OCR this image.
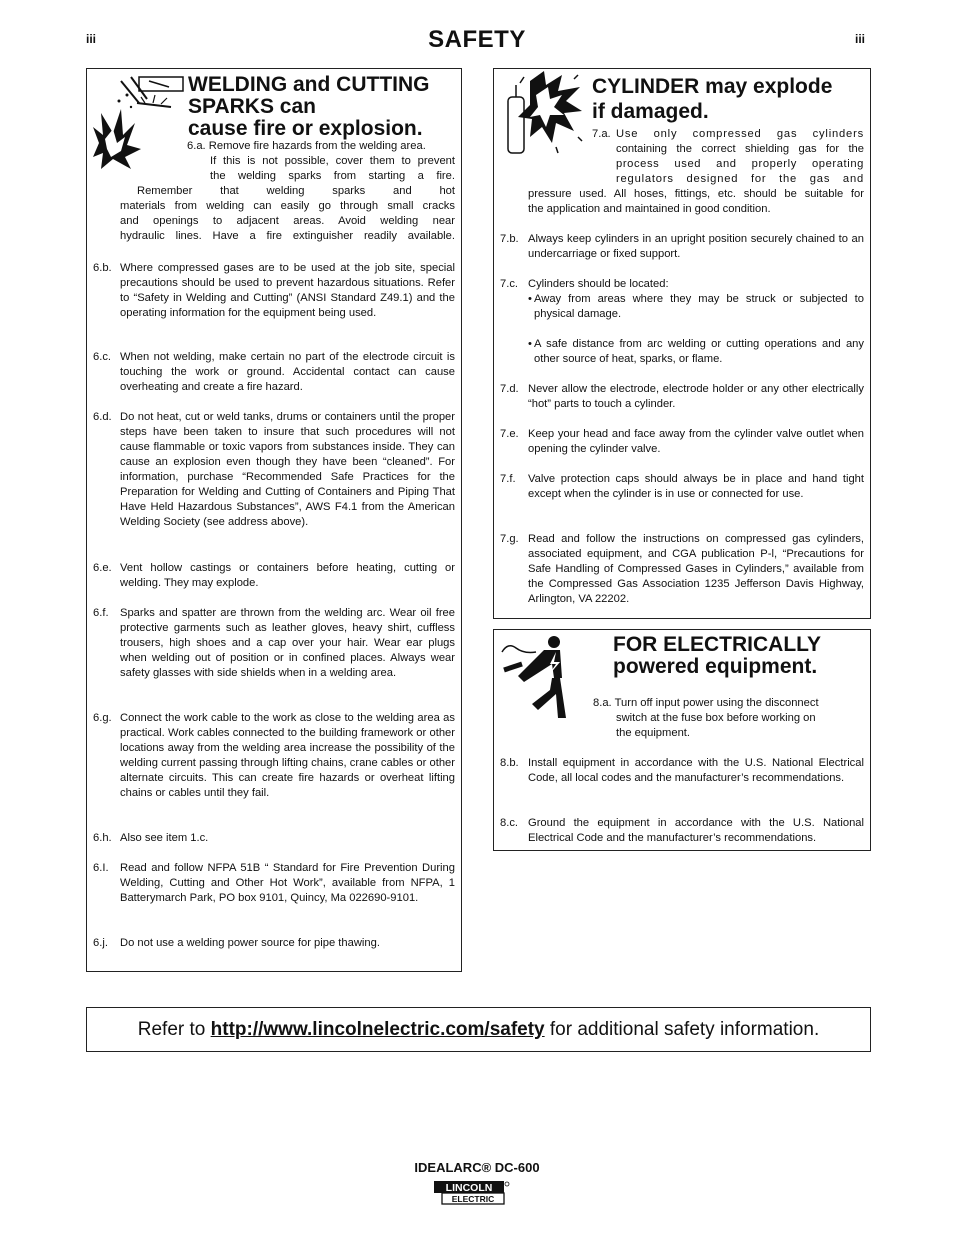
iii	iii
SAFETY
WELDING and CUTTING
SPARKS can
cause fire or explosion.
6.a. Remove fire hazards from the welding area.
If this is not possible, cover them to prevent
the welding sparks from starting a fire.
Remember that welding sparks and hot
materials from welding can easily go through small cracks
and openings to adjacent areas. Avoid welding near
hydraulic lines. Have a fire extinguisher readily available.
6.b. Where compressed gases are to be used at the job site, special precautions should be used to prevent hazardous situations. Refer to “Safety in Welding and Cutting” (ANSI Standard Z49.1) and the operating information for the equipment being used.
6.c. When not welding, make certain no part of the electrode circuit is touching the work or ground. Accidental contact can cause overheating and create a fire hazard.
6.d. Do not heat, cut or weld tanks, drums or containers until the proper steps have been taken to insure that such procedures will not cause flammable or toxic vapors from substances inside. They can cause an explosion even though they have been “cleaned”. For information, purchase “Recommended Safe Practices for the Preparation for Welding and Cutting of Containers and Piping That Have Held Hazardous Substances”, AWS F4.1 from the American Welding Society (see address above).
6.e. Vent hollow castings or containers before heating, cutting or welding. They may explode.
6.f. Sparks and spatter are thrown from the welding arc. Wear oil free protective garments such as leather gloves, heavy shirt, cuffless trousers, high shoes and a cap over your hair. Wear ear plugs when welding out of position or in confined places. Always wear safety glasses with side shields when in a welding area.
6.g. Connect the work cable to the work as close to the welding area as practical. Work cables connected to the building framework or other locations away from the welding area increase the possibility of the welding current passing through lifting chains, crane cables or other alternate circuits. This can create fire hazards or overheat lifting chains or cables until they fail.
6.h. Also see item 1.c.
6.I. Read and follow NFPA 51B “ Standard for Fire Prevention During Welding, Cutting and Other Hot Work”, available from NFPA, 1 Batterymarch Park, PO box 9101, Quincy, Ma 022690-9101.
6.j. Do not use a welding power source for pipe thawing.
CYLINDER may explode
if damaged.
7.a. Use only compressed gas cylinders
containing the correct shielding gas for the
process used and properly operating
regulators designed for the gas and
pressure used. All hoses, fittings, etc. should be suitable for
the application and maintained in good condition.
7.b. Always keep cylinders in an upright position securely chained to an undercarriage or fixed support.
7.c. Cylinders should be located:
• Away from areas where they may be struck or subjected to physical damage.
• A safe distance from arc welding or cutting operations and any other source of heat, sparks, or flame.
7.d. Never allow the electrode, electrode holder or any other electrically “hot” parts to touch a cylinder.
7.e. Keep your head and face away from the cylinder valve outlet when opening the cylinder valve.
7.f. Valve protection caps should always be in place and hand tight except when the cylinder is in use or connected for use.
7.g. Read and follow the instructions on compressed gas cylinders, associated equipment, and CGA publication P-l, “Precautions for Safe Handling of Compressed Gases in Cylinders,” available from the Compressed Gas Association 1235 Jefferson Davis Highway, Arlington, VA 22202.
FOR ELECTRICALLY
powered equipment.
8.a. Turn off input power using the disconnect
switch at the fuse box before working on
the equipment.
8.b. Install equipment in accordance with the U.S. National Electrical Code, all local codes and the manufacturer’s recommendations.
8.c. Ground the equipment in accordance with the U.S. National Electrical Code and the manufacturer’s recommendations.
Refer to http://www.lincolnelectric.com/safety for additional safety information.
IDEALARC® DC-600
LINCOLN
ELECTRIC
